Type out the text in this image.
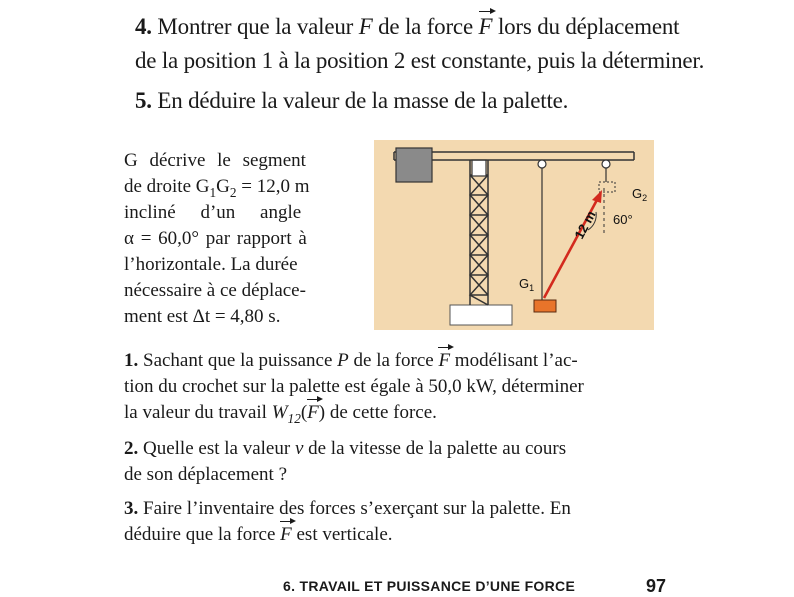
4. Montrer que la valeur F de la force F lors du déplacement
de la position 1 à la position 2 est constante, puis la déterminer.
5. En déduire la valeur de la masse de la palette.
G décrive le segment
de droite $G_1G_2 = 12,0$ m
incliné d’un angle
α = 60,0° par rapport à
l’horizontale. La durée
nécessaire à ce déplace-
ment est Δt = 4,80 s.
$G_1$
$G_2$
60°
12 m
1. Sachant que la puissance P de la force F modélisant l’ac-
tion du crochet sur la palette est égale à 50,0 kW, déterminer
la valeur du travail $W_{12}(F)$ de cette force.
2. Quelle est la valeur v de la vitesse de la palette au cours
de son déplacement ?
3. Faire l’inventaire des forces s’exerçant sur la palette. En
déduire que la force F est verticale.
6. TRAVAIL ET PUISSANCE D’UNE FORCE	97
